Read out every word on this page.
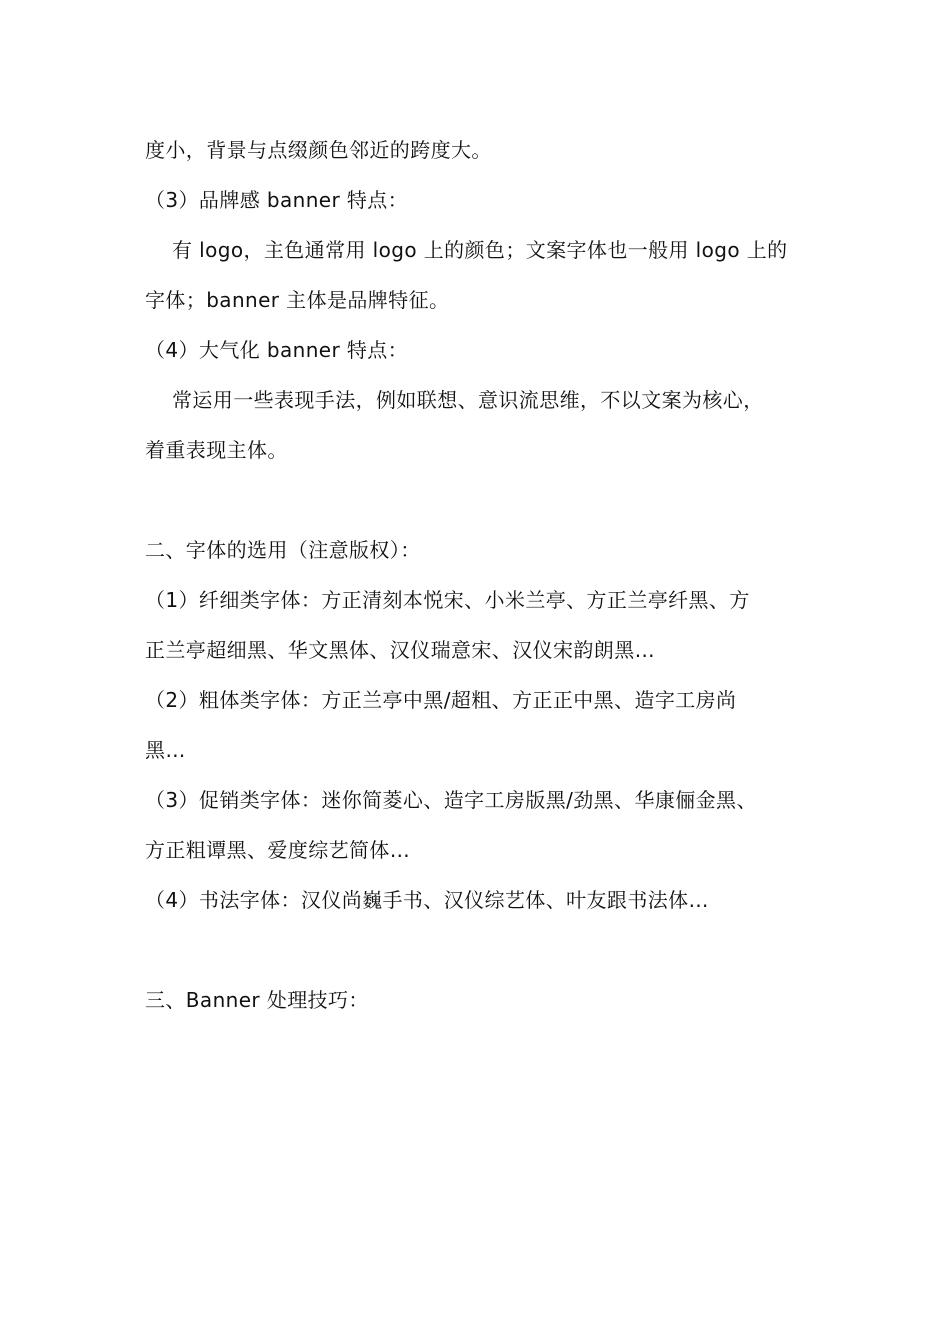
度小，背景与点缀颜色邻近的跨度大。
（3）品牌感 banner 特点：
有 logo，主色通常用 logo 上的颜色；文案字体也一般用 logo 上的
字体；banner 主体是品牌特征。
（4）大气化 banner 特点：
常运用一些表现手法，例如联想、意识流思维，不以文案为核心，
着重表现主体。
二、字体的选用（注意版权）：
（1）纤细类字体：方正清刻本悦宋、小米兰亭、方正兰亭纤黑、方
正兰亭超细黑、华文黑体、汉仪瑞意宋、汉仪宋韵朗黑…
（2）粗体类字体：方正兰亭中黑/超粗、方正正中黑、造字工房尚
黑…
（3）促销类字体：迷你简菱心、造字工房版黑/劲黑、华康俪金黑、
方正粗谭黑、爱度综艺简体…
（4）书法字体：汉仪尚巍手书、汉仪综艺体、叶友跟书法体…
三、Banner 处理技巧：
